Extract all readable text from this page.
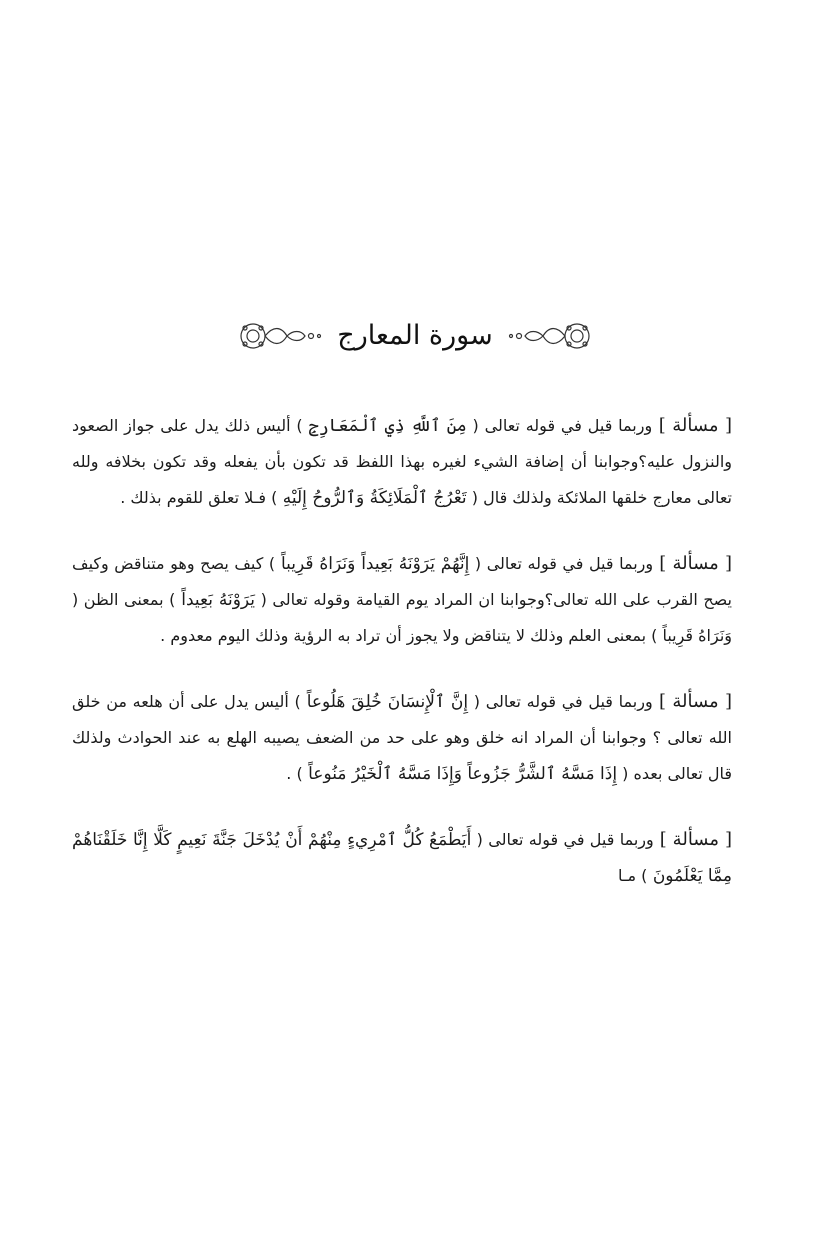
سورة المعارج
[ مسألة ]

وربما قيل في قوله تعالى (

مِنَ ٱللَّهِ ذِي ٱلْمَعَارِجِ

) أليس ذلك يدل على جواز الصعود والنزول عليه؟وجوابنا أن إضافة الشيء لغيره بهذا اللفظ قد تكون بأن يفعله وقد تكون بخلافه ولله تعالى معارج خلقها الملائكة ولذلك قال (

تَعْرُجُ ٱلْمَلَائِكَةُ وَٱلرُّوحُ إِلَيْهِ

) فـلا تعلق للقوم بذلك .

[ مسألة ]

وربما قيل في قوله تعالى (

إِنَّهُمْ يَرَوْنَهُ بَعِيداً وَنَرَاهُ قَرِيباً

) كيف يصح وهو متناقض وكيف يصح القرب على الله تعالى؟وجوابنا ان المراد يوم القيامة وقوله تعالى (

يَرَوْنَهُ بَعِيداً

) بمعنى الظن ( وَنَرَاهُ قَرِيباً ) بمعنى العلم وذلك لا يتناقض ولا يجوز أن تراد به الرؤية وذلك اليوم معدوم .

[ مسألة ]

وربما قيل في قوله تعالى (

إِنَّ ٱلْإِنسَانَ خُلِقَ هَلُوعاً

) أليس يدل على أن هلعه من خلق الله تعالى ؟ وجوابنا أن المراد انه خلق وهو على حد من الضعف يصيبه الهلع به عند الحوادث ولذلك قال تعالى بعده (

إِذَا مَسَّهُ ٱلشَّرُّ جَزُوعاً وَإِذَا مَسَّهُ ٱلْخَيْرُ مَنُوعاً

) .

[ مسألة ]

وربما قيل في قوله تعالى (

أَيَطْمَعُ كُلُّ ٱمْرِيءٍ مِنْهُمْ أَنْ يُدْخَلَ جَنَّةَ نَعِيمٍ كَلَّا إِنَّا خَلَقْنَاهُمْ مِمَّا يَعْلَمُونَ

) مـا
